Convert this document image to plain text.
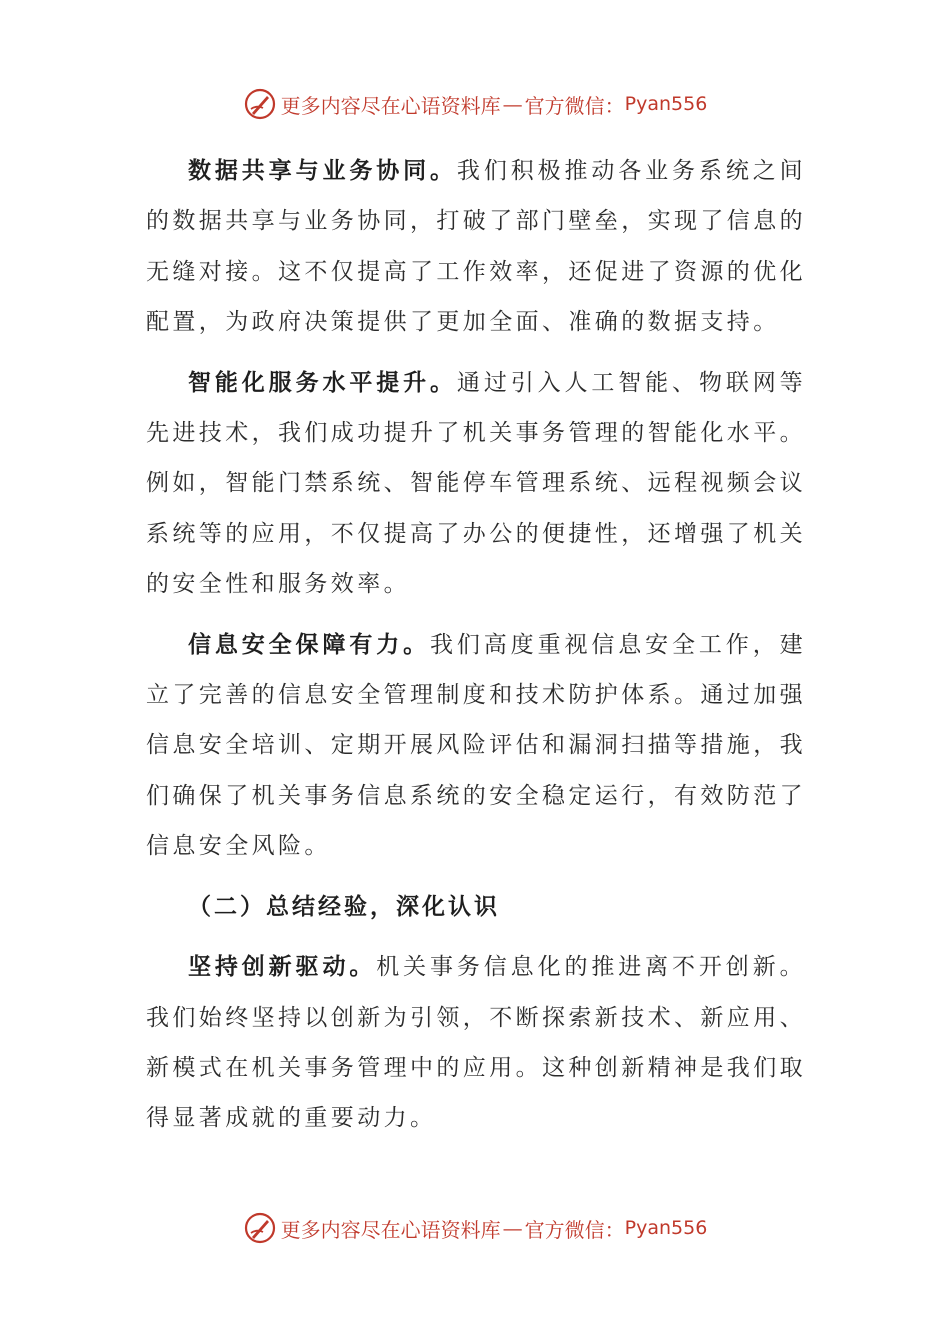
更多内容尽在心语资料库 — 官方微信： Pyan556

数据共享与业务协同。我们积极推动各业务系统之间的数据共享与业务协同，打破了部门壁垒，实现了信息的无缝对接。这不仅提高了工作效率，还促进了资源的优化配置，为政府决策提供了更加全面、准确的数据支持。

智能化服务水平提升。通过引入人工智能、物联网等先进技术，我们成功提升了机关事务管理的智能化水平。例如，智能门禁系统、智能停车管理系统、远程视频会议系统等的应用，不仅提高了办公的便捷性，还增强了机关的安全性和服务效率。

信息安全保障有力。我们高度重视信息安全工作，建立了完善的信息安全管理制度和技术防护体系。通过加强信息安全培训、定期开展风险评估和漏洞扫描等措施，我们确保了机关事务信息系统的安全稳定运行，有效防范了信息安全风险。

（二）总结经验，深化认识

坚持创新驱动。机关事务信息化的推进离不开创新。我们始终坚持以创新为引领，不断探索新技术、新应用、新模式在机关事务管理中的应用。这种创新精神是我们取得显著成就的重要动力。

更多内容尽在心语资料库 — 官方微信： Pyan556
